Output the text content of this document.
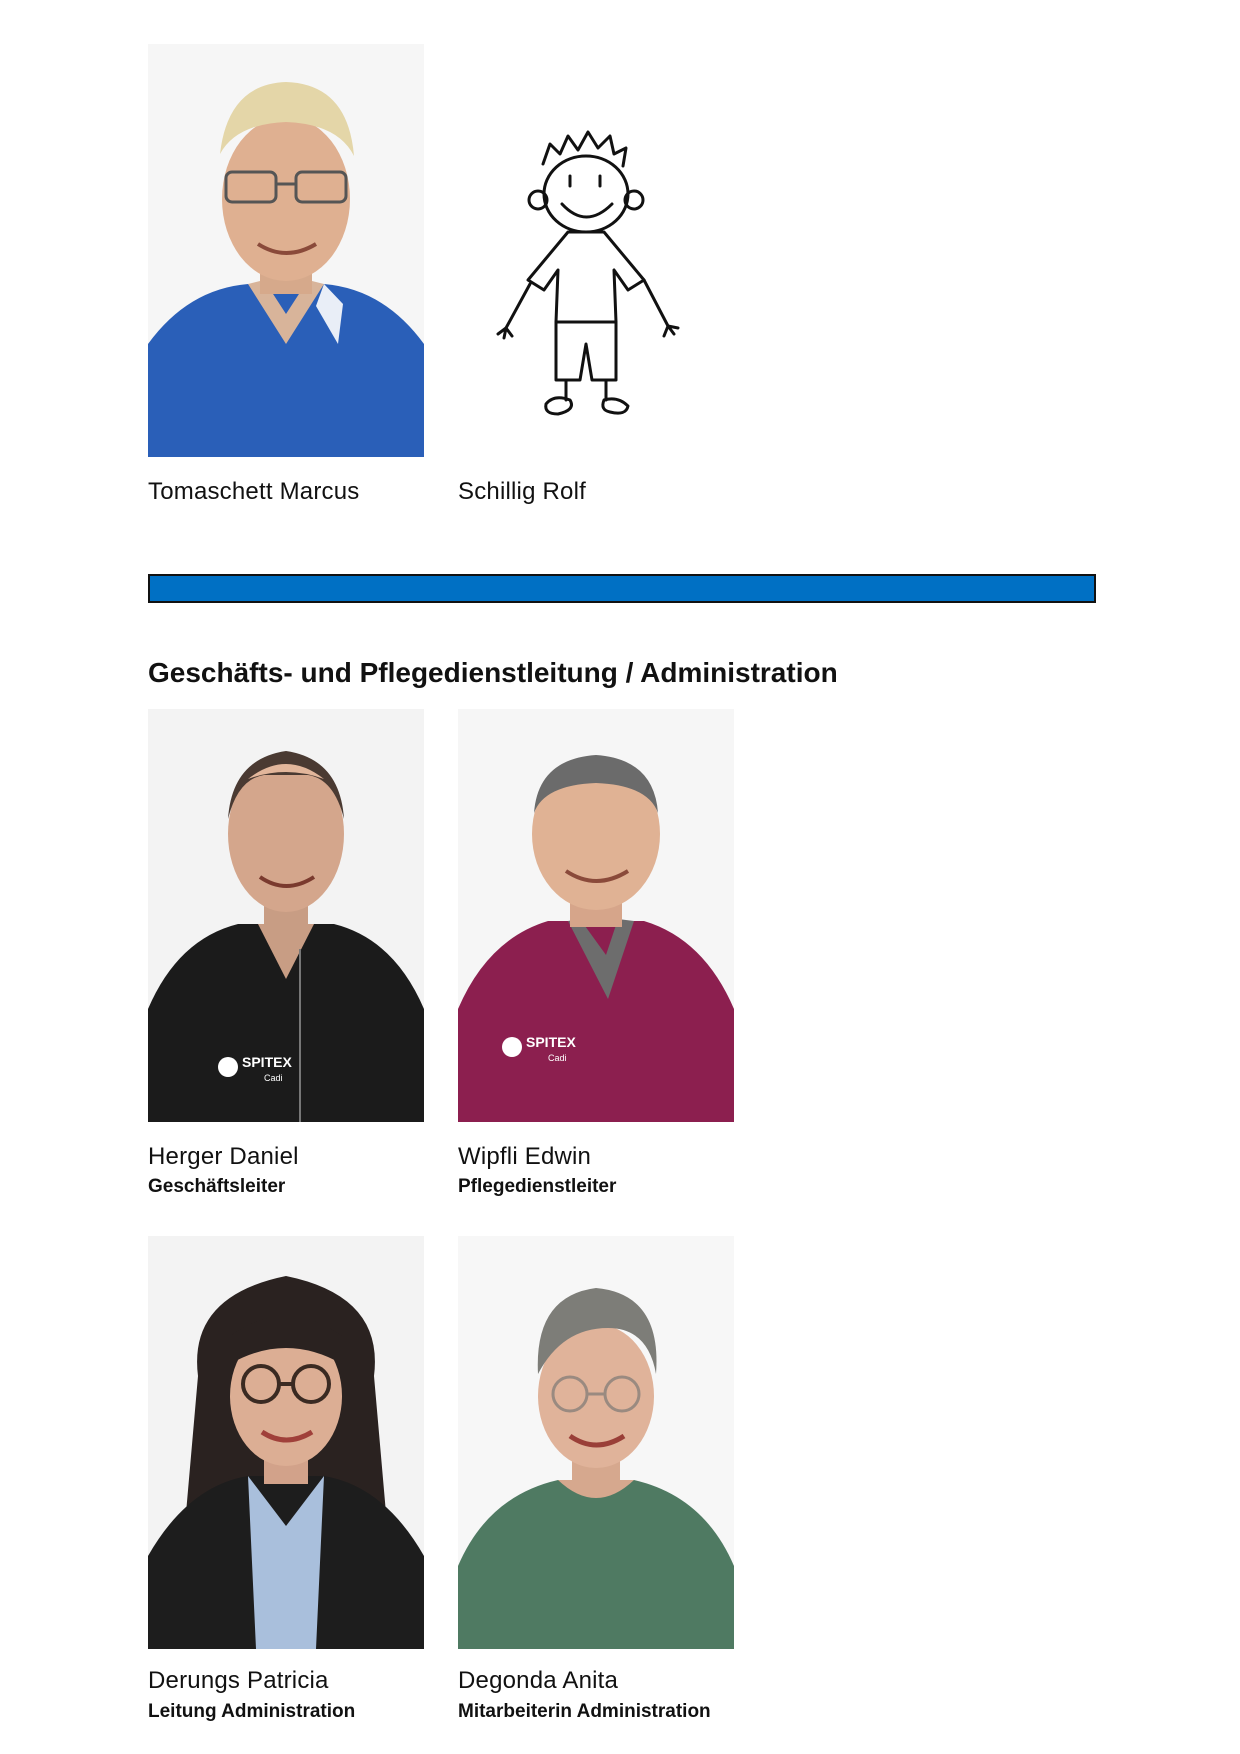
Tomaschett Marcus	Schillig Rolf
Geschäfts- und Pflegedienstleitung / Administration
SPITEX
Cadi
SPITEX
Cadi
Herger Daniel
Geschäftsleiter
Wipfli Edwin
Pflegedienstleiter
Derungs Patricia
Leitung Administration
Degonda Anita
Mitarbeiterin Administration
